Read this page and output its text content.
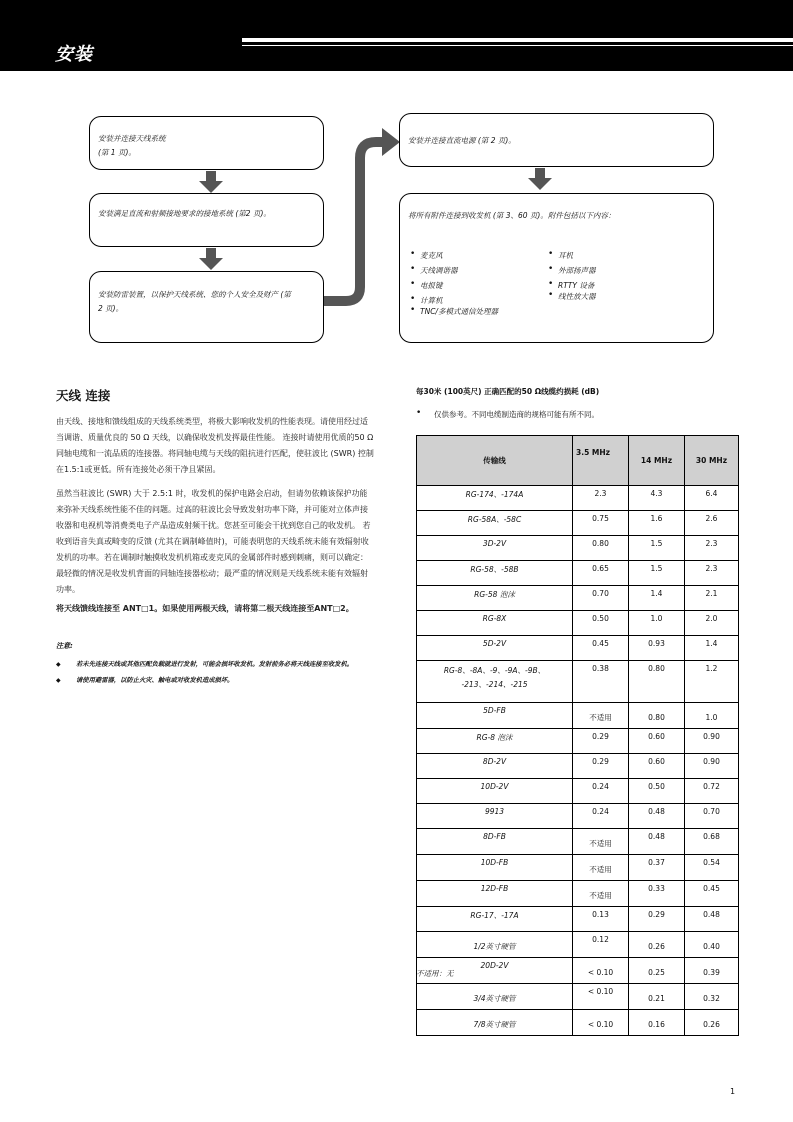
安装
安装并连接天线系统
(第 1 页)。
安装满足直流和射频接地要求的接地系统 (第2 页)。
安装防雷装置，以保护天线系统、您的个人安全及财产 (第
2 页)。
安装并连接直流电源 (第 2 页)。
将所有附件连接到收发机 (第 3、60 页)。附件包括以下内容：
• 麦克风
• 天线调谐器
• 电报键
• 计算机
• TNC/多模式通信处理器
• 耳机
• 外部扬声器
• RTTY 设备
• 线性放大器
天线 连接

由天线、接地和馈线组成的天线系统类型，将极大影响收发机的性能表现。请使用经过适当调谐、质量优良的 50 Ω 天线，以确保收发机发挥最佳性能。 连接时请使用优质的50 Ω同轴电缆和一流品质的连接器。将同轴电缆与天线的阻抗进行匹配，使驻波比 (SWR) 控制在1.5:1或更低。所有连接处必须干净且紧固。

虽然当驻波比 (SWR) 大于 2.5:1 时，收发机的保护电路会启动，但请勿依赖该保护功能来弥补天线系统性能不佳的问题。过高的驻波比会导致发射功率下降，并可能对立体声接收器和电视机等消费类电子产品造成射频干扰。您甚至可能会干扰到您自己的收发机。 若收到语音失真或畸变的反馈 (尤其在调制峰值时)，可能表明您的天线系统未能有效辐射收发机的功率。若在调制时触摸收发机机箱或麦克风的金属部件时感到刺痛，则可以确定：最轻微的情况是收发机背面的同轴连接器松动；最严重的情况则是天线系统未能有效辐射功率。

将天线馈线连接至 ANT□1。如果使用两根天线，请将第二根天线连接至ANT□2。

注意:
◆ 若未先连接天线或其他匹配负载就进行发射，可能会损坏收发机。发射前务必将天线连接至收发机。
◆ 请使用避雷器，以防止火灾、触电或对收发机造成损坏。
每30米 (100英尺) 正确匹配的50 Ω线缆约损耗 (dB)
• 仅供参考。不同电缆制造商的规格可能有所不同。
传输线	3.5 MHz	14 MHz	30 MHz
RG-174、-174A	2.3	4.3	6.4
RG-58A、-58C	0.75	1.6	2.6
3D-2V	0.80	1.5	2.3
RG-58、-58B	0.65	1.5	2.3
RG-58 泡沫	0.70	1.4	2.1
RG-8X	0.50	1.0	2.0
5D-2V	0.45	0.93	1.4
RG-8、-8A、-9、-9A、-9B、
-213、-214、-215	0.38	0.80	1.2
5D-FB	不适用	0.80	1.0
RG-8 泡沫	0.29	0.60	0.90
8D-2V	0.29	0.60	0.90
10D-2V	0.24	0.50	0.72
9913	0.24	0.48	0.70
8D-FB	不适用	0.48	0.68
10D-FB	不适用	0.37	0.54
12D-FB	不适用	0.33	0.45
RG-17、-17A	0.13	0.29	0.48
1/2英寸硬管	0.12	0.26	0.40
20D-2V	< 0.10	0.25	0.39
3/4英寸硬管	< 0.10	0.21	0.32
7/8英寸硬管	< 0.10	0.16	0.26
不适用：无
1
